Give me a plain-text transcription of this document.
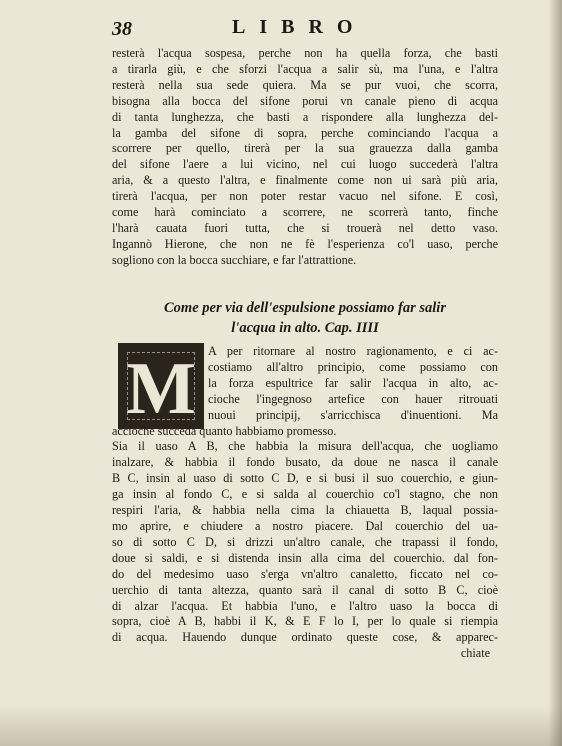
38	LIBRO
resterà l'acqua sospesa, perche non ha quella forza, che basti
a tirarla giù, e che sforzi l'acqua a salir sù, ma l'una, e l'altra
resterà nella sua sede quiera. Ma se pur vuoi, che scorra,
bisogna alla bocca del sifone porui vn canale pieno di acqua
di tanta lunghezza, che basti a rispondere alla lunghezza del-
la gamba del sifone di sopra, perche cominciando l'acqua a
scorrere per quello, tirerà per la sua grauezza dalla gamba
del sifone l'aere a lui vicino, nel cui luogo succederà l'altra
aria, & a questo l'altra, e finalmente come non ui sarà più aria,
tirerà l'acqua, per non poter restar vacuo nel sifone. E così,
come harà cominciato a scorrere, ne scorrerà tanto, finche
l'harà cauata fuori tutta, che si trouerà nel detto vaso.
Ingannò Hierone, che non ne fè l'esperienza co'l uaso, perche
sogliono con la bocca succhiare, e far l'attrattione.
Come per via dell'espulsione possiamo far salir
l'acqua in alto. Cap. IIII
M A per ritornare al nostro ragionamento, e ci ac-
costiamo all'altro principio, come possiamo con
la forza espultrice far salir l'acqua in alto, ac-
cioche l'ingegnoso artefice con hauer ritrouati
nuoui principij, s'arricchisca d'inuentioni. Ma
accioche succeda quanto habbiamo promesso.
Sia il uaso A B, che habbia la misura dell'acqua, che uogliamo
inalzare, & habbia il fondo busato, da doue ne nasca il canale
B C, insin al uaso di sotto C D, e si busi il suo couerchio, e giun-
ga insin al fondo C, e si salda al couerchio co'l stagno, che non
respiri l'aria, & habbia nella cima la chiauetta B, laqual possia-
mo aprire, e chiudere a nostro piacere. Dal couerchio del ua-
so di sotto C D, si drizzi un'altro canale, che trapassi il fondo,
doue si saldi, e si distenda insin alla cima del couerchio. dal fon-
do del medesimo uaso s'erga vn'altro canaletto, ficcato nel co-
uerchio di tanta altezza, quanto sarà il canal di sotto B C, cioè
di alzar l'acqua. Et habbia l'uno, e l'altro uaso la bocca di
sopra, cioè A B, habbi il K, & E F lo I, per lo quale si riempia
di acqua. Hauendo dunque ordinato queste cose, & apparec-
chiate
